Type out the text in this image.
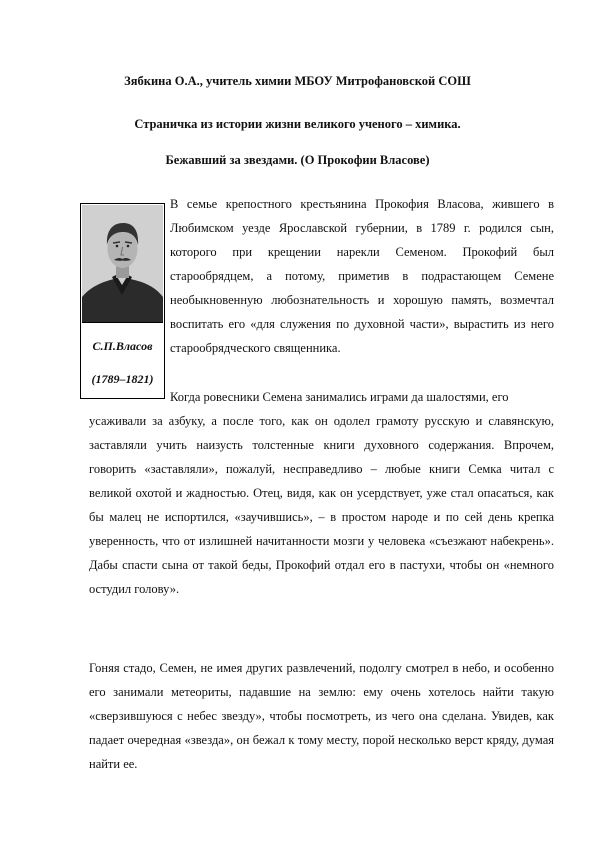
Зябкина О.А., учитель химии МБОУ Митрофановской СОШ

Страничка из истории жизни великого ученого – химика.

Бежавший за звездами. (О Прокофии Власове)

С.П.Власов
(1789–1821)

В семье крепостного крестьянина Прокофия Власова, жившего в Любимском уезде Ярославской губернии, в 1789 г. родился сын, которого при крещении нарекли Семеном. Прокофий был старообрядцем, а потому, приметив в подрастающем Семене необыкновенную любознательность и хорошую память, возмечтал воспитать его «для служения по духовной части», вырастить из него старообрядческого священника.

Когда ровесники Семена занимались играми да шалостями, его

усаживали за азбуку, а после того, как он одолел грамоту русскую и славянскую, заставляли учить наизусть толстенные книги духовного содержания. Впрочем, говорить «заставляли», пожалуй, несправедливо – любые книги Семка читал с великой охотой и жадностью. Отец, видя, как он усердствует, уже стал опасаться, как бы малец не испортился, «заучившись», – в простом народе и по сей день крепка уверенность, что от излишней начитанности мозги у человека «съезжают набекрень». Дабы спасти сына от такой беды, Прокофий отдал его в пастухи, чтобы он «немного остудил голову».

Гоняя стадо, Семен, не имея других развлечений, подолгу смотрел в небо, и особенно его занимали метеориты, падавшие на землю: ему очень хотелось найти такую «сверзившуюся с небес звезду», чтобы посмотреть, из чего она сделана. Увидев, как падает очередная «звезда», он бежал к тому месту, порой несколько верст кряду, думая найти ее.
